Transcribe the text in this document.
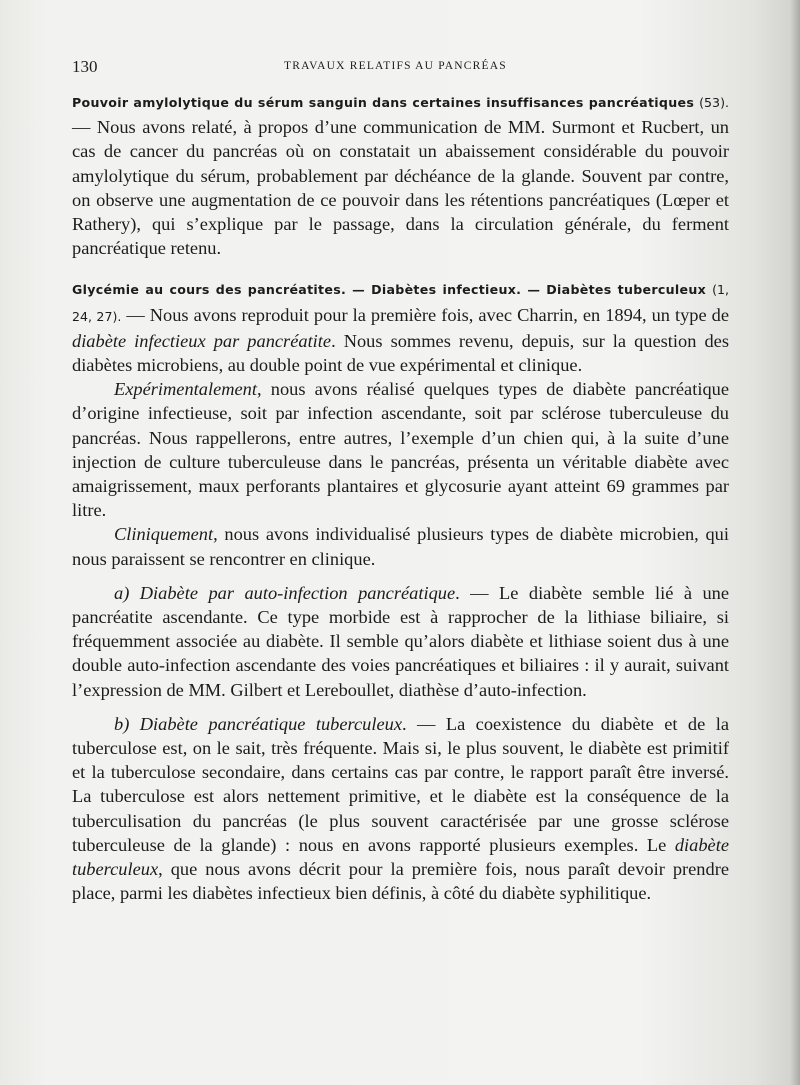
130	TRAVAUX RELATIFS AU PANCRÉAS

Pouvoir amylolytique du sérum sanguin dans certaines insuffisances pancréatiques (53). — Nous avons relaté, à propos d’une communication de MM. Surmont et Rucbert, un cas de cancer du pancréas où on constatait un abaissement considérable du pouvoir amylolytique du sérum, probablement par déchéance de la glande. Souvent par contre, on observe une augmentation de ce pouvoir dans les rétentions pancréatiques (Lœper et Rathery), qui s’explique par le passage, dans la circulation générale, du ferment pancréatique retenu.

Glycémie au cours des pancréatites. — Diabètes infectieux. — Diabètes tuberculeux (1, 24, 27). — Nous avons reproduit pour la première fois, avec Charrin, en 1894, un type de diabète infectieux par pancréatite. Nous sommes revenu, depuis, sur la question des diabètes microbiens, au double point de vue expérimental et clinique.

Expérimentalement, nous avons réalisé quelques types de diabète pancréatique d’origine infectieuse, soit par infection ascendante, soit par sclérose tuberculeuse du pancréas. Nous rappellerons, entre autres, l’exemple d’un chien qui, à la suite d’une injection de culture tuberculeuse dans le pancréas, présenta un véritable diabète avec amaigrissement, maux perforants plantaires et glycosurie ayant atteint 69 grammes par litre.

Cliniquement, nous avons individualisé plusieurs types de diabète microbien, qui nous paraissent se rencontrer en clinique.

a) Diabète par auto-infection pancréatique. — Le diabète semble lié à une pancréatite ascendante. Ce type morbide est à rapprocher de la lithiase biliaire, si fréquemment associée au diabète. Il semble qu’alors diabète et lithiase soient dus à une double auto-infection ascendante des voies pancréatiques et biliaires : il y aurait, suivant l’expression de MM. Gilbert et Lereboullet, diathèse d’auto-infection.

b) Diabète pancréatique tuberculeux. — La coexistence du diabète et de la tuberculose est, on le sait, très fréquente. Mais si, le plus souvent, le diabète est primitif et la tuberculose secondaire, dans certains cas par contre, le rapport paraît être inversé. La tuberculose est alors nettement primitive, et le diabète est la conséquence de la tuberculisation du pancréas (le plus souvent caractérisée par une grosse sclérose tuberculeuse de la glande) : nous en avons rapporté plusieurs exemples. Le diabète tuberculeux, que nous avons décrit pour la première fois, nous paraît devoir prendre place, parmi les diabètes infectieux bien définis, à côté du diabète syphilitique.
